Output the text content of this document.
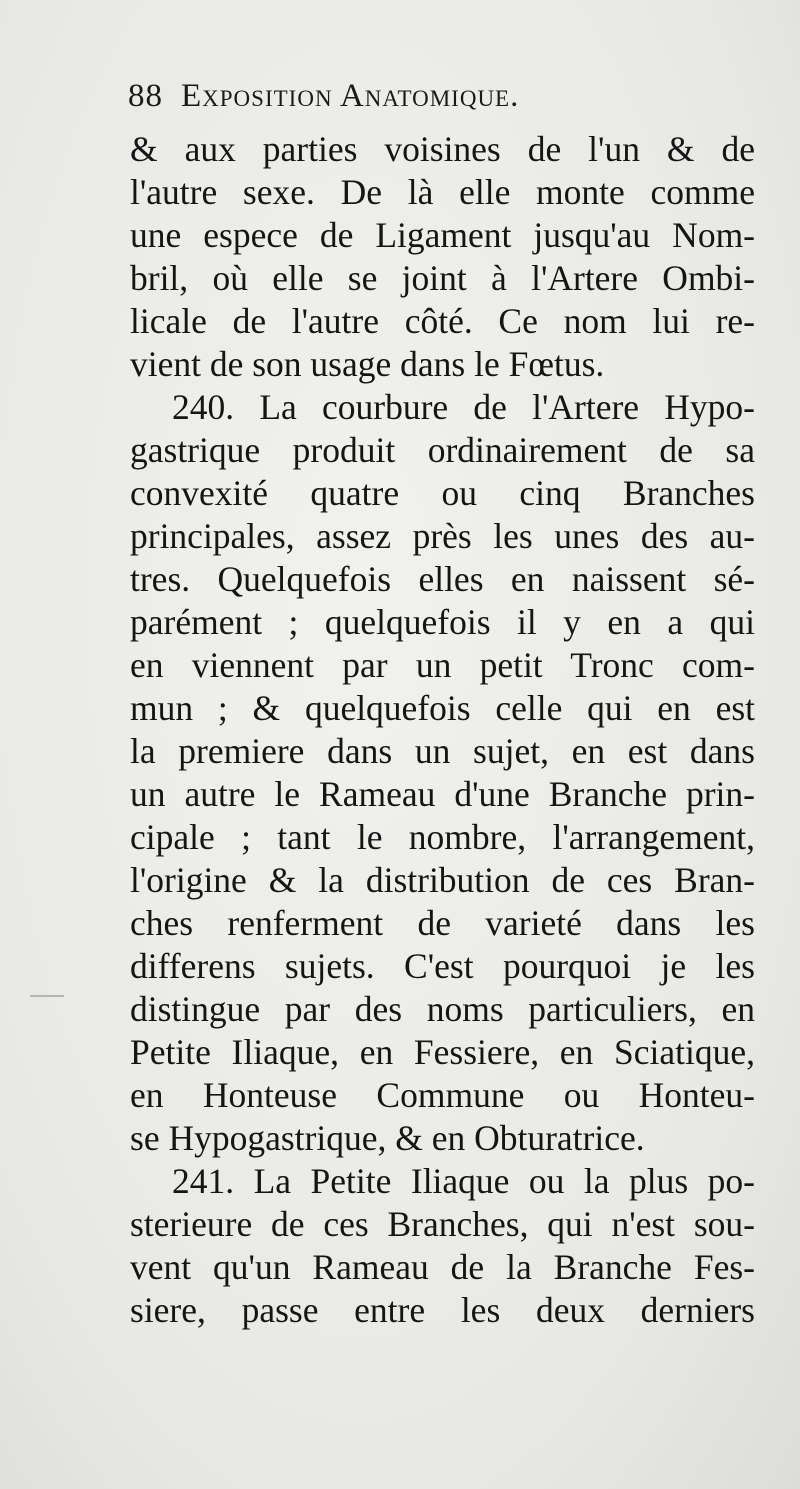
88 Exposition Anatomique.
& aux parties voisines de l'un & de
l'autre sexe. De là elle monte comme
une espece de Ligament jusqu'au Nom-
bril, où elle se joint à l'Artere Ombi-
licale de l'autre côté. Ce nom lui re-
vient de son usage dans le Fœtus.
240. La courbure de l'Artere Hypo-
gastrique produit ordinairement de sa
convexité quatre ou cinq Branches
principales, assez près les unes des au-
tres. Quelquefois elles en naissent sé-
parément ; quelquefois il y en a qui
en viennent par un petit Tronc com-
mun ; & quelquefois celle qui en est
la premiere dans un sujet, en est dans
un autre le Rameau d'une Branche prin-
cipale ; tant le nombre, l'arrangement,
l'origine & la distribution de ces Bran-
ches renferment de varieté dans les
differens sujets. C'est pourquoi je les
distingue par des noms particuliers, en
Petite Iliaque, en Fessiere, en Sciatique,
en Honteuse Commune ou Honteu-
se Hypogastrique, & en Obturatrice.
241. La Petite Iliaque ou la plus po-
sterieure de ces Branches, qui n'est sou-
vent qu'un Rameau de la Branche Fes-
siere, passe entre les deux derniers
